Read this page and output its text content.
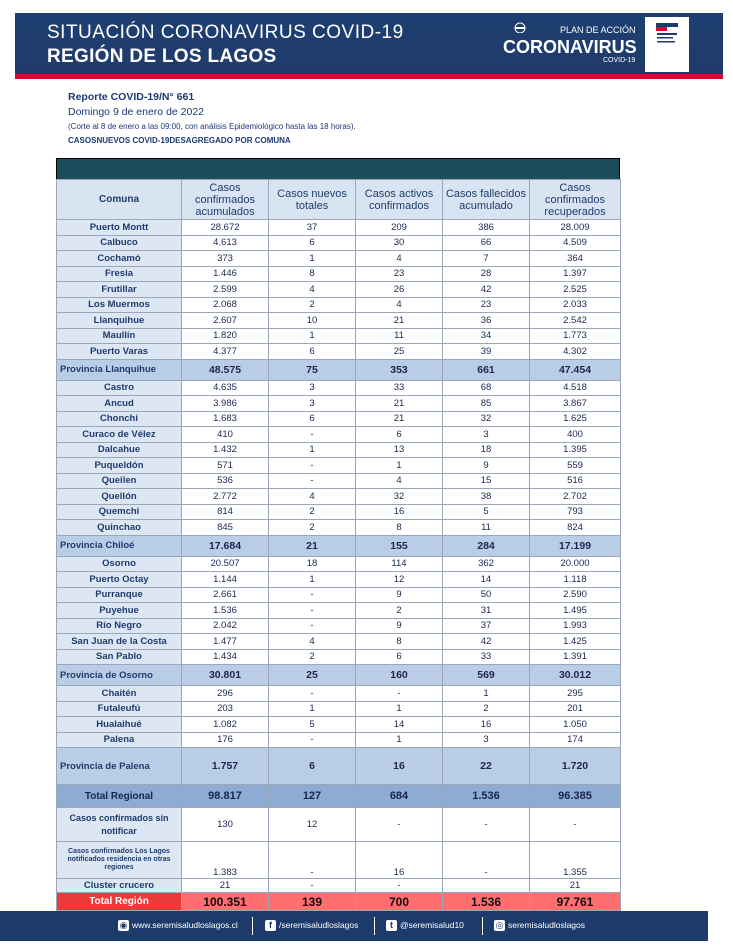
SITUACIÓN CORONAVIRUS COVID-19
REGIÓN DE LOS LAGOS
PLAN DE ACCIÓN
CORONAVIRUS
COVID-19
Reporte COVID-19/N° 661
Domingo 9 de enero de 2022
(Corte al 8 de enero a las 09:00, con análisis Epidemiológico hasta las 18 horas).
CASOSNUEVOS COVID-19DESAGREGADO POR COMUNA
Comuna	Casos confirmados acumulados	Casos nuevos totales	Casos activos confirmados	Casos fallecidos acumulado	Casos confirmados recuperados
Puerto Montt	28.672	37	209	386	28.009
Calbuco	4.613	6	30	66	4.509
Cochamó	373	1	4	7	364
Fresia	1.446	8	23	28	1.397
Frutillar	2.599	4	26	42	2.525
Los Muermos	2.068	2	4	23	2.033
Llanquihue	2.607	10	21	36	2.542
Maullín	1.820	1	11	34	1.773
Puerto Varas	4.377	6	25	39	4.302
Provincia Llanquihue	48.575	75	353	661	47.454
Castro	4.635	3	33	68	4.518
Ancud	3.986	3	21	85	3.867
Chonchi	1.683	6	21	32	1.625
Curaco de Vélez	410	-	6	3	400
Dalcahue	1.432	1	13	18	1.395
Puqueldón	571	-	1	9	559
Queilen	536	-	4	15	516
Quellón	2.772	4	32	38	2.702
Quemchi	814	2	16	5	793
Quinchao	845	2	8	11	824
Provincia Chiloé	17.684	21	155	284	17.199
Osorno	20.507	18	114	362	20.000
Puerto Octay	1.144	1	12	14	1.118
Purranque	2.661	-	9	50	2.590
Puyehue	1.536	-	2	31	1.495
Río Negro	2.042	-	9	37	1.993
San Juan de la Costa	1.477	4	8	42	1.425
San Pablo	1.434	2	6	33	1.391
Provincia de Osorno	30.801	25	160	569	30.012
Chaitén	296	-	-	1	295
Futaleufú	203	1	1	2	201
Hualaihué	1.082	5	14	16	1.050
Palena	176	-	1	3	174
Provincia de Palena	1.757	6	16	22	1.720
Total Regional	98.817	127	684	1.536	96.385
Casos confirmados sin notificar	130	12	-	-	-
Casos confirmados Los Lagos notificados residencia en otras regiones	1.383	-	16	-	1.355
Cluster crucero	21	-	-		21
Total Región	100.351	139	700	1.536	97.761
◉ www.seremisaludloslagos.cl	f /seremisaludloslagos	t @seremisalud10	◎ seremisaludloslagos
